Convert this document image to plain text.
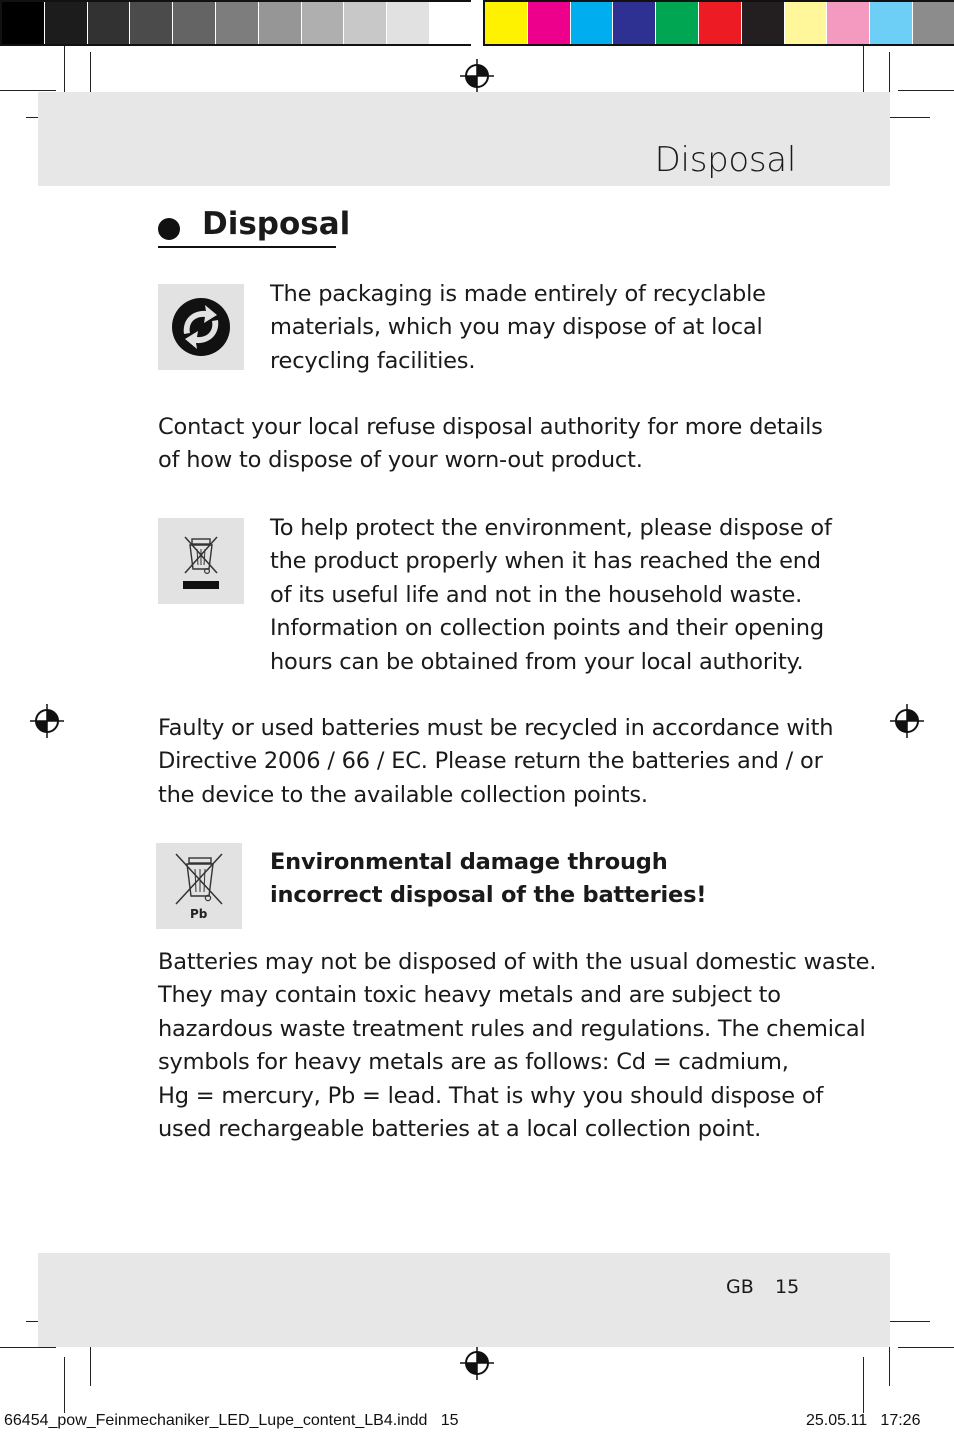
Disposal
Disposal
The packaging is made entirely of recyclable
materials, which you may dispose of at local
recycling facilities.
Contact your local refuse disposal authority for more details
of how to dispose of your worn-out product.
To help protect the environment, please dispose of
the product properly when it has reached the end
of its useful life and not in the household waste.
Information on collection points and their opening
hours can be obtained from your local authority.
Faulty or used batteries must be recycled in accordance with
Directive 2006 / 66 / EC. Please return the batteries and / or
the device to the available collection points.
Pb
Environmental damage through
incorrect disposal of the batteries!
Batteries may not be disposed of with the usual domestic waste.
They may contain toxic heavy metals and are subject to
hazardous waste treatment rules and regulations. The chemical
symbols for heavy metals are as follows: Cd = cadmium,
Hg = mercury, Pb = lead. That is why you should dispose of
used rechargeable batteries at a local collection point.
GB 15
66454_pow_Feinmechaniker_LED_Lupe_content_LB4.indd   15	25.05.11   17:26
